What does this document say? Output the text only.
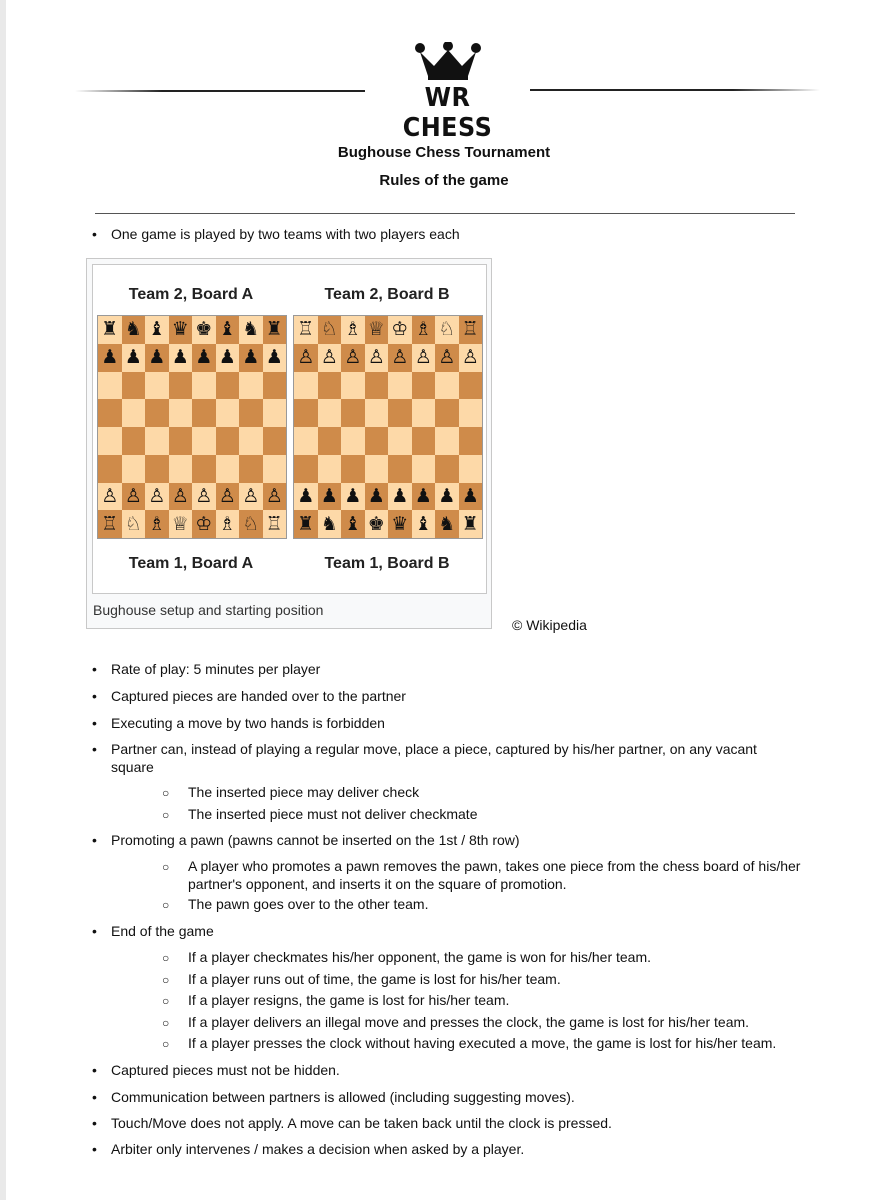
WR CHESS
Bughouse Chess Tournament
Rules of the game
• One game is played by two teams with two players each
Team 2, Board A	Team 2, Board B
♜ ♞ ♝ ♛ ♚ ♝ ♞ ♜
♟ ♟ ♟ ♟ ♟ ♟ ♟ ♟
♙ ♙ ♙ ♙ ♙ ♙ ♙ ♙
♖ ♘ ♗ ♕ ♔ ♗ ♘ ♖
♖ ♘ ♗ ♕ ♔ ♗ ♘ ♖
♙ ♙ ♙ ♙ ♙ ♙ ♙ ♙
♟ ♟ ♟ ♟ ♟ ♟ ♟ ♟
♜ ♞ ♝ ♚ ♛ ♝ ♞ ♜
Team 1, Board A	Team 1, Board B
Bughouse setup and starting position
© Wikipedia
• Rate of play: 5 minutes per player
• Captured pieces are handed over to the partner
• Executing a move by two hands is forbidden
• Partner can, instead of playing a regular move, place a piece, captured by his/her partner, on any vacant square
○ The inserted piece may deliver check
○ The inserted piece must not deliver checkmate
• Promoting a pawn (pawns cannot be inserted on the 1st / 8th row)
○ A player who promotes a pawn removes the pawn, takes one piece from the chess board of his/her partner's opponent, and inserts it on the square of promotion.
○ The pawn goes over to the other team.
• End of the game
○ If a player checkmates his/her opponent, the game is won for his/her team.
○ If a player runs out of time, the game is lost for his/her team.
○ If a player resigns, the game is lost for his/her team.
○ If a player delivers an illegal move and presses the clock, the game is lost for his/her team.
○ If a player presses the clock without having executed a move, the game is lost for his/her team.
• Captured pieces must not be hidden.
• Communication between partners is allowed (including suggesting moves).
• Touch/Move does not apply. A move can be taken back until the clock is pressed.
• Arbiter only intervenes / makes a decision when asked by a player.
